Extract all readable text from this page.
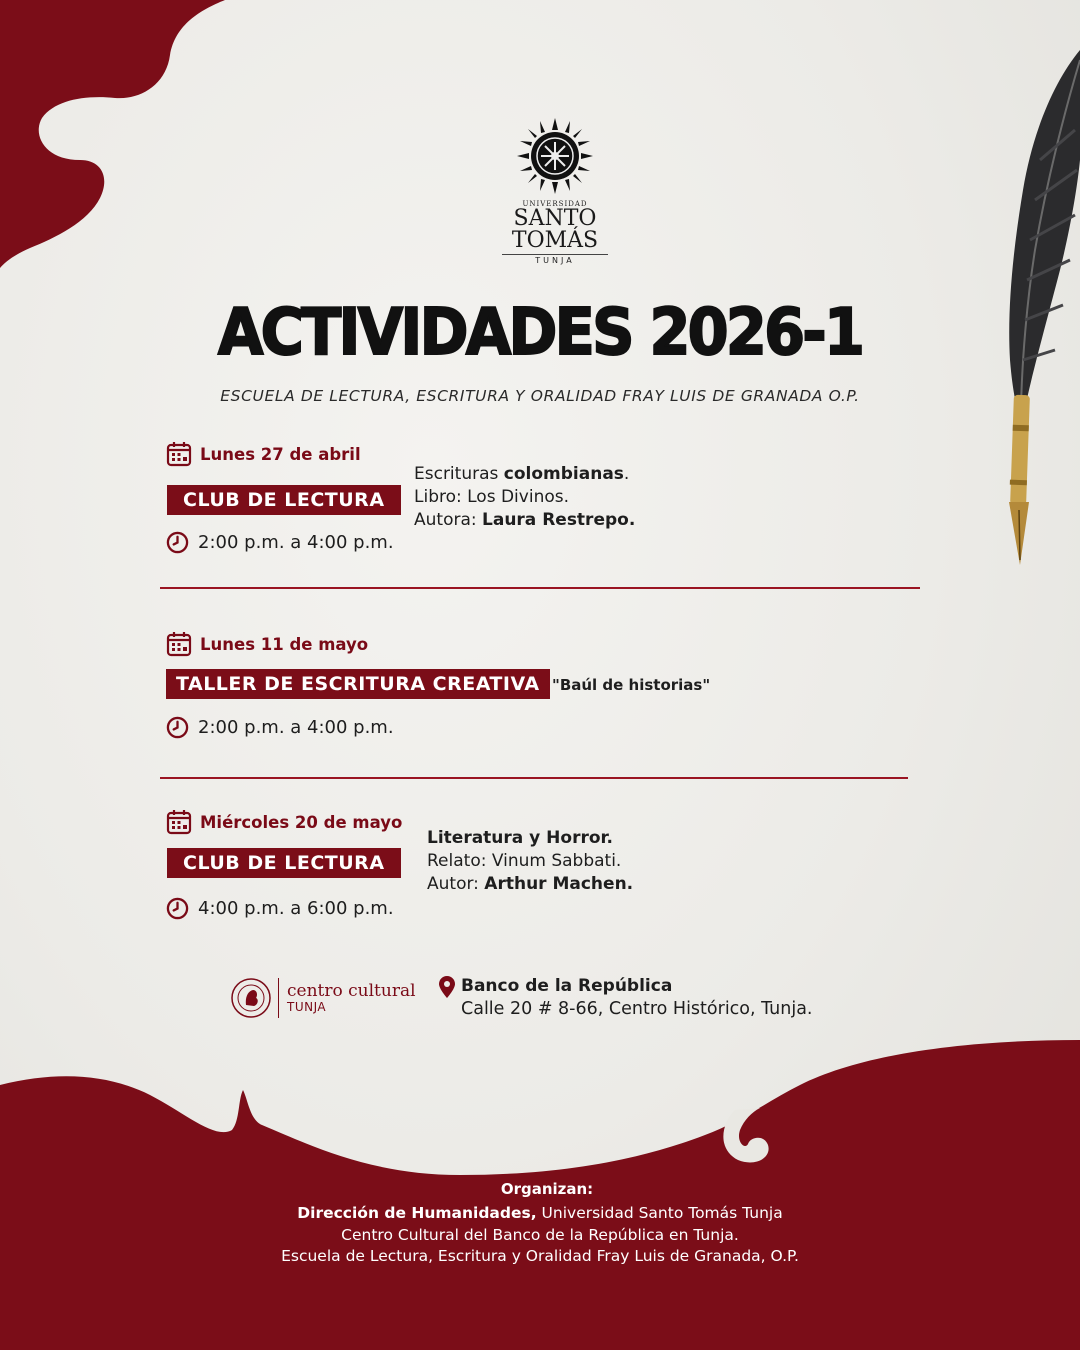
UNIVERSIDAD
SANTO TOMÁS
TUNJA
ACTIVIDADES 2026-1
ESCUELA DE LECTURA, ESCRITURA Y ORALIDAD FRAY LUIS DE GRANADA O.P.
Lunes 27 de abril
CLUB DE LECTURA
2:00 p.m. a 4:00 p.m.
Escrituras colombianas.
Libro: Los Divinos.
Autora: Laura Restrepo.
Lunes 11 de mayo
TALLER DE ESCRITURA CREATIVA "Baúl de historias"
2:00 p.m. a 4:00 p.m.
Miércoles 20 de mayo
CLUB DE LECTURA
4:00 p.m. a 6:00 p.m.
Literatura y Horror.
Relato: Vinum Sabbati.
Autor: Arthur Machen.
centro cultural
TUNJA
Banco de la República
Calle 20 # 8-66, Centro Histórico, Tunja.
Organizan:
Dirección de Humanidades, Universidad Santo Tomás Tunja
Centro Cultural del Banco de la República en Tunja.
Escuela de Lectura, Escritura y Oralidad Fray Luis de Granada, O.P.
